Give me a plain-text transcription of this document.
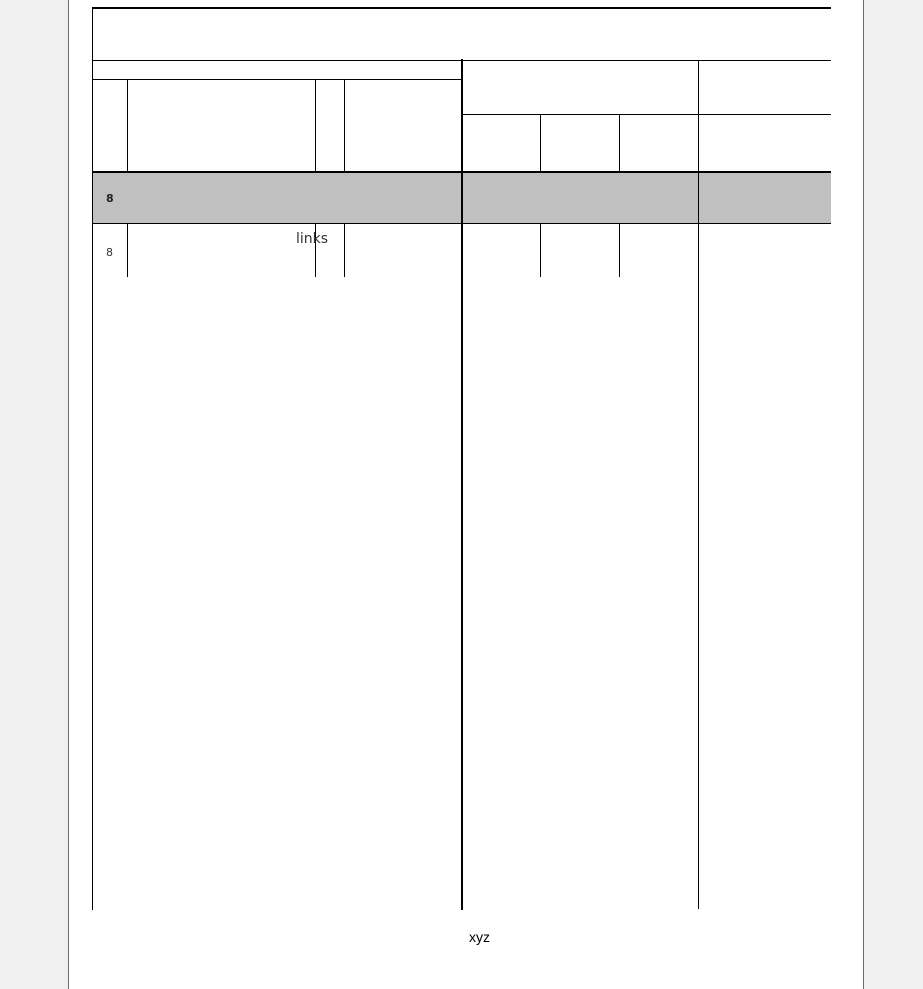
8
8
links
xyz
